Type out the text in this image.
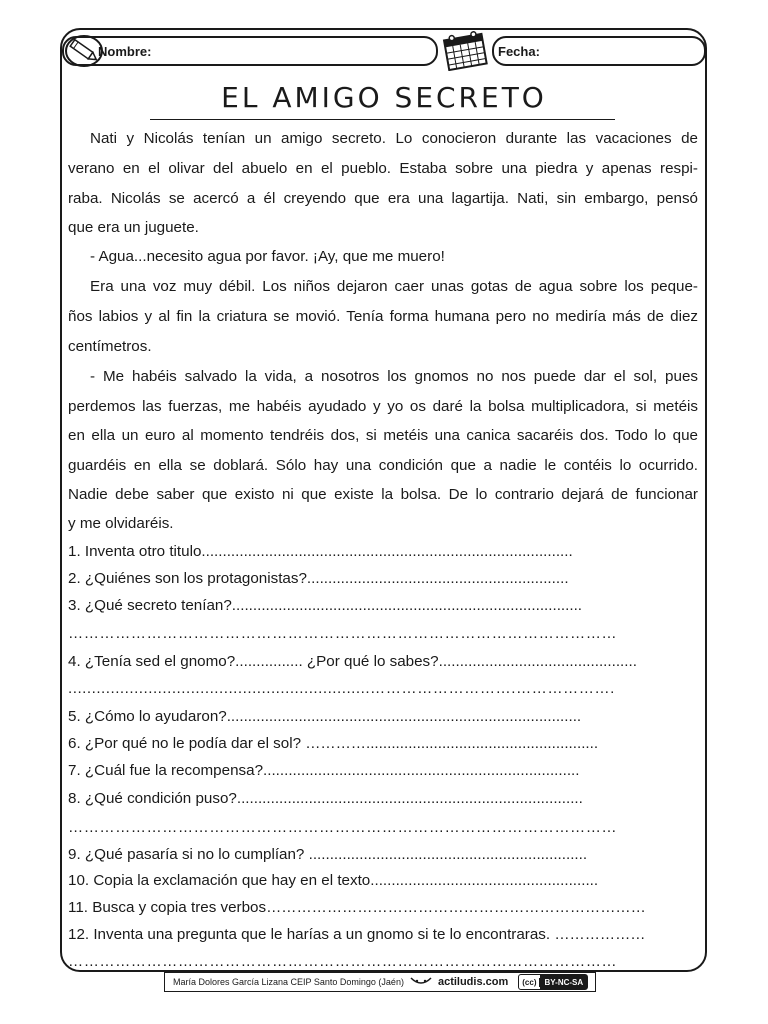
Nombre:	Fecha:
EL AMIGO SECRETO
Nati y Nicolás tenían un amigo secreto. Lo conocieron durante las vacaciones de
verano en el olivar del abuelo en el pueblo. Estaba sobre una piedra y apenas respi-
raba. Nicolás se acercó a él creyendo que era una lagartija. Nati, sin embargo, pensó
que era un juguete.
- Agua...necesito agua por favor. ¡Ay, que me muero!
Era una voz muy débil. Los niños dejaron caer unas gotas de agua sobre los peque-
ños labios y al fin la criatura se movió. Tenía forma humana pero no mediría más de diez
centímetros.
- Me habéis salvado la vida, a nosotros los gnomos no nos puede dar el sol, pues
perdemos las fuerzas, me habéis ayudado y yo os daré la bolsa multiplicadora, si metéis
en ella un euro al momento tendréis dos, si metéis una canica sacaréis dos. Todo lo que
guardéis en ella se doblará. Sólo hay una condición que a nadie le contéis lo ocurrido.
Nadie debe saber que existo ni que existe la bolsa. De lo contrario dejará de funcionar
y me olvidaréis.
1. Inventa otro titulo........................................................................................
2. ¿Quiénes son los protagonistas?..............................................................
3. ¿Qué secreto tenían?...................................................................................
……………………………………………………………………………………………
4. ¿Tenía sed el gnomo?................ ¿Por qué lo sabes?...............................................
................................................................……………………….……………….
5. ¿Cómo lo ayudaron?....................................................................................
6. ¿Por qué no le podía dar el sol? ………….......................................................
7. ¿Cuál fue la recompensa?...........................................................................
8. ¿Qué condición puso?..................................................................................
……………………………………………………………………………………………
9. ¿Qué pasaría si no lo cumplían? ..................................................................
10. Copia la exclamación que hay en el texto......................................................
11. Busca y copia tres verbos…………………………………………………………………
12. Inventa una pregunta que le harías a un gnomo si te lo encontraras. ………………
……………………………………………………………………………………………
María Dolores García Lizana CEIP Santo Domingo (Jaén)	actiludis.com	(cc)	BY-NC-SA
